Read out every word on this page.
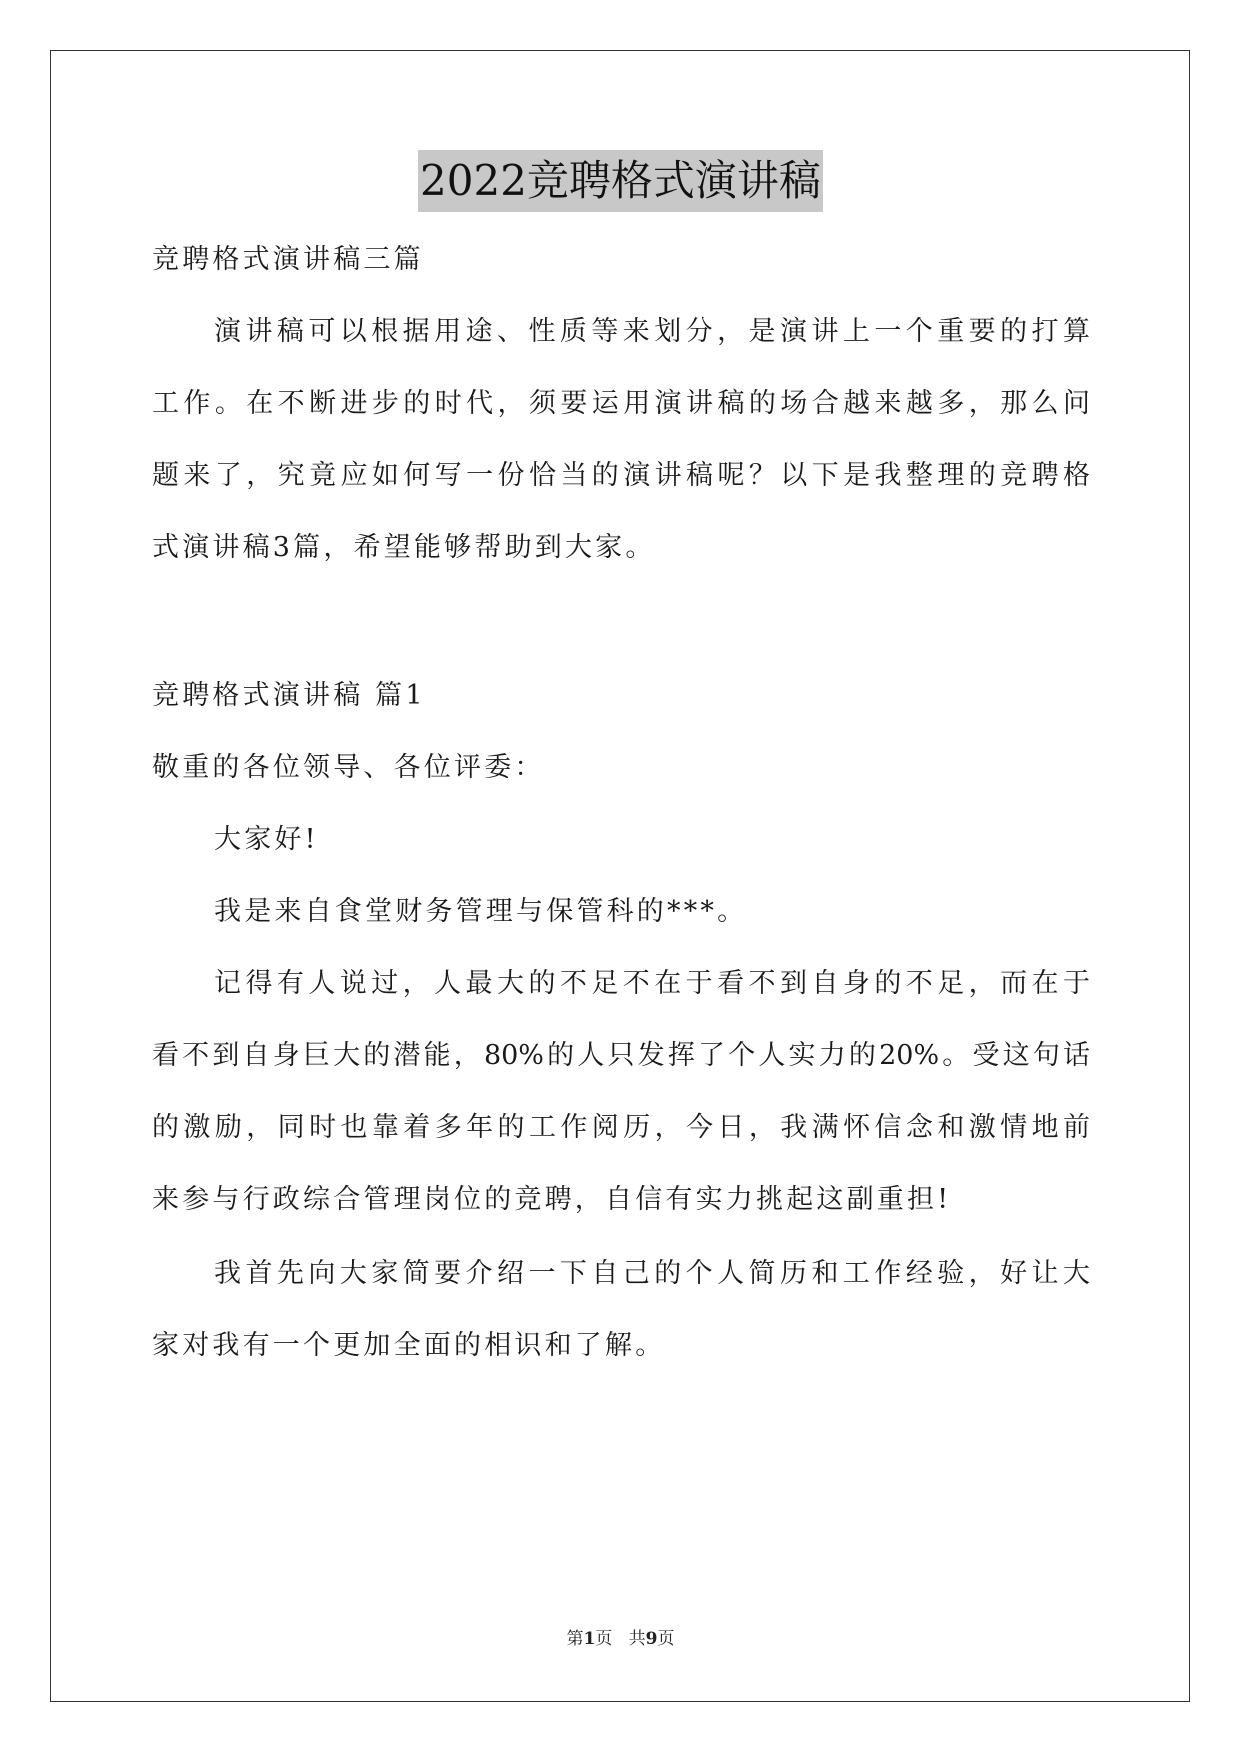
2022竞聘格式演讲稿
竞聘格式演讲稿三篇
演讲稿可以根据用途、性质等来划分，是演讲上一个重要的打算
工作。在不断进步的时代，须要运用演讲稿的场合越来越多，那么问
题来了，究竟应如何写一份恰当的演讲稿呢？以下是我整理的竞聘格
式演讲稿3篇，希望能够帮助到大家。
竞聘格式演讲稿 篇1
敬重的各位领导、各位评委：
大家好!
我是来自食堂财务管理与保管科的***。
记得有人说过，人最大的不足不在于看不到自身的不足，而在于
看不到自身巨大的潜能，80%的人只发挥了个人实力的20%。受这句话
的激励，同时也靠着多年的工作阅历，今日，我满怀信念和激情地前
来参与行政综合管理岗位的竞聘，自信有实力挑起这副重担!
我首先向大家简要介绍一下自己的个人简历和工作经验，好让大
家对我有一个更加全面的相识和了解。
第1页 共9页
